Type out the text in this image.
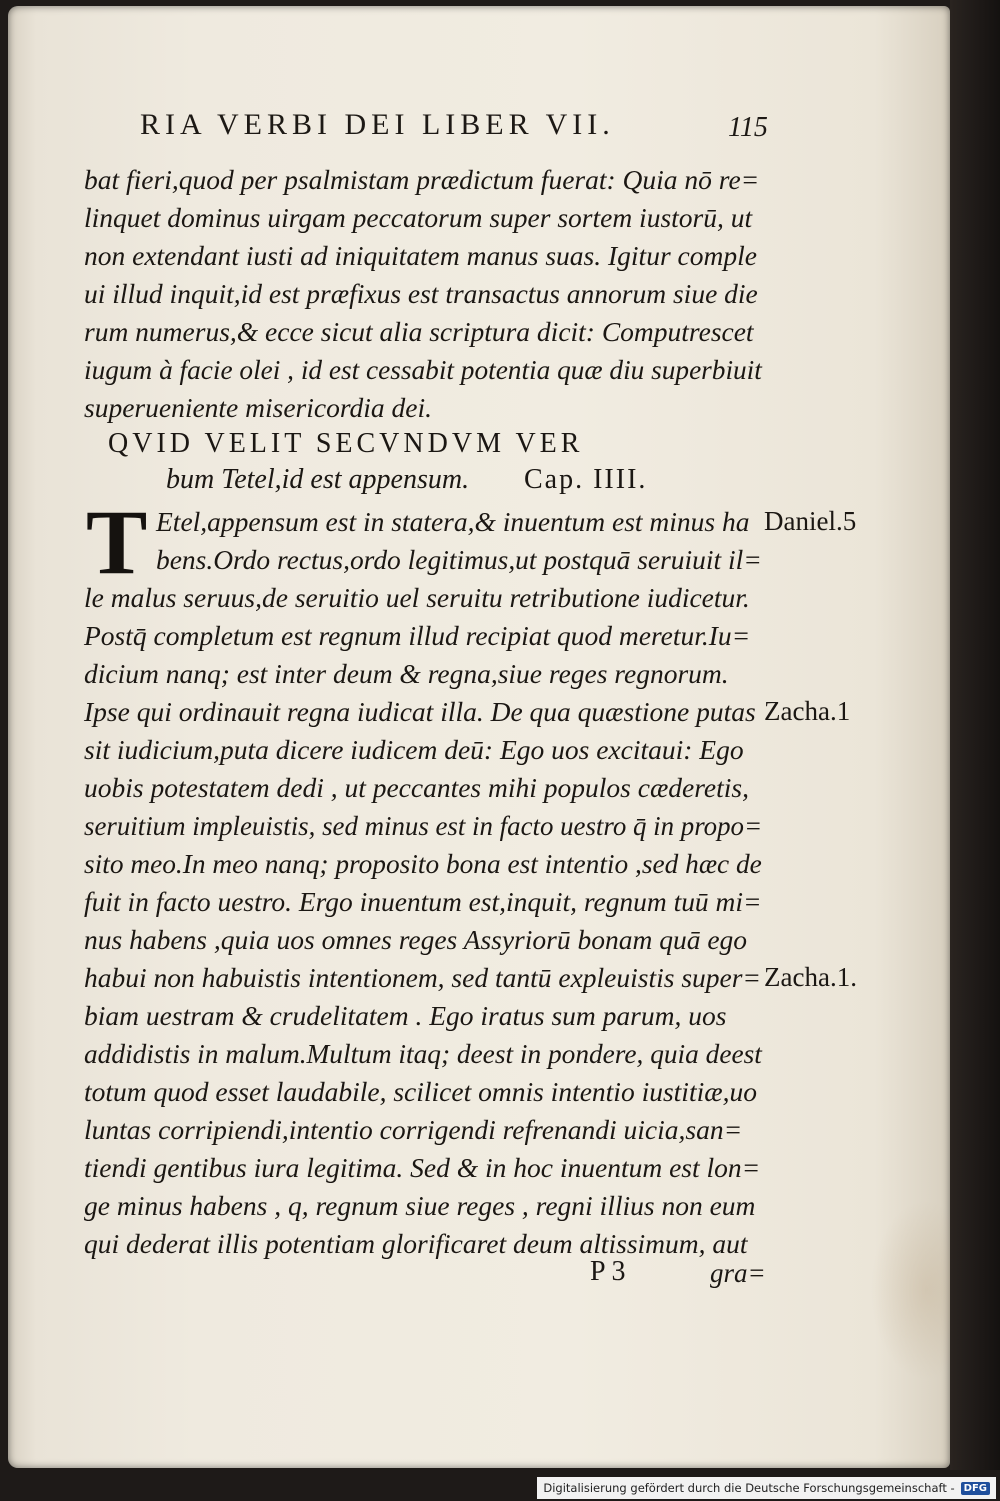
RIA VERBI DEI LIBER VII.	115
bat fieri,quod per psalmistam prædictum fuerat: Quia nō re=
linquet dominus uirgam peccatorum super sortem iustorū, ut
non extendant iusti ad iniquitatem manus suas. Igitur comple
ui illud inquit,id est præfixus est transactus annorum siue die
rum numerus,& ecce sicut alia scriptura dicit: Computrescet
iugum à facie olei , id est cessabit potentia quæ diu superbiuit
superueniente misericordia dei.
QVID VELIT SECVNDVM VER
bum Tetel,id est appensum. Cap. IIII.
T Etel,appensum est in statera,& inuentum est minus ha
bens.Ordo rectus,ordo legitimus,ut postquā seruiuit il=
le malus seruus,de seruitio uel seruitu retributione iudicetur.
Postq̄ completum est regnum illud recipiat quod meretur.Iu=
dicium nanq; est inter deum & regna,siue reges regnorum.
Ipse qui ordinauit regna iudicat illa. De qua quæstione putas
sit iudicium,puta dicere iudicem deū: Ego uos excitaui: Ego
uobis potestatem dedi , ut peccantes mihi populos cæderetis,
seruitium impleuistis, sed minus est in facto uestro q̄ in propo=
sito meo.In meo nanq; proposito bona est intentio ,sed hæc de
fuit in facto uestro. Ergo inuentum est,inquit, regnum tuū mi=
nus habens ,quia uos omnes reges Assyriorū bonam quā ego
habui non habuistis intentionem, sed tantū expleuistis super=
biam uestram & crudelitatem . Ego iratus sum parum, uos
addidistis in malum.Multum itaq; deest in pondere, quia deest
totum quod esset laudabile, scilicet omnis intentio iustitiæ,uo
luntas corripiendi,intentio corrigendi refrenandi uicia,san=
tiendi gentibus iura legitima. Sed & in hoc inuentum est lon=
ge minus habens , q, regnum siue reges , regni illius non eum
qui dederat illis potentiam glorificaret deum altissimum, aut
Daniel.5
Zacha.1
Zacha.1.
P 3	gra=
Digitalisierung gefördert durch die Deutsche Forschungsgemeinschaft - DFG
